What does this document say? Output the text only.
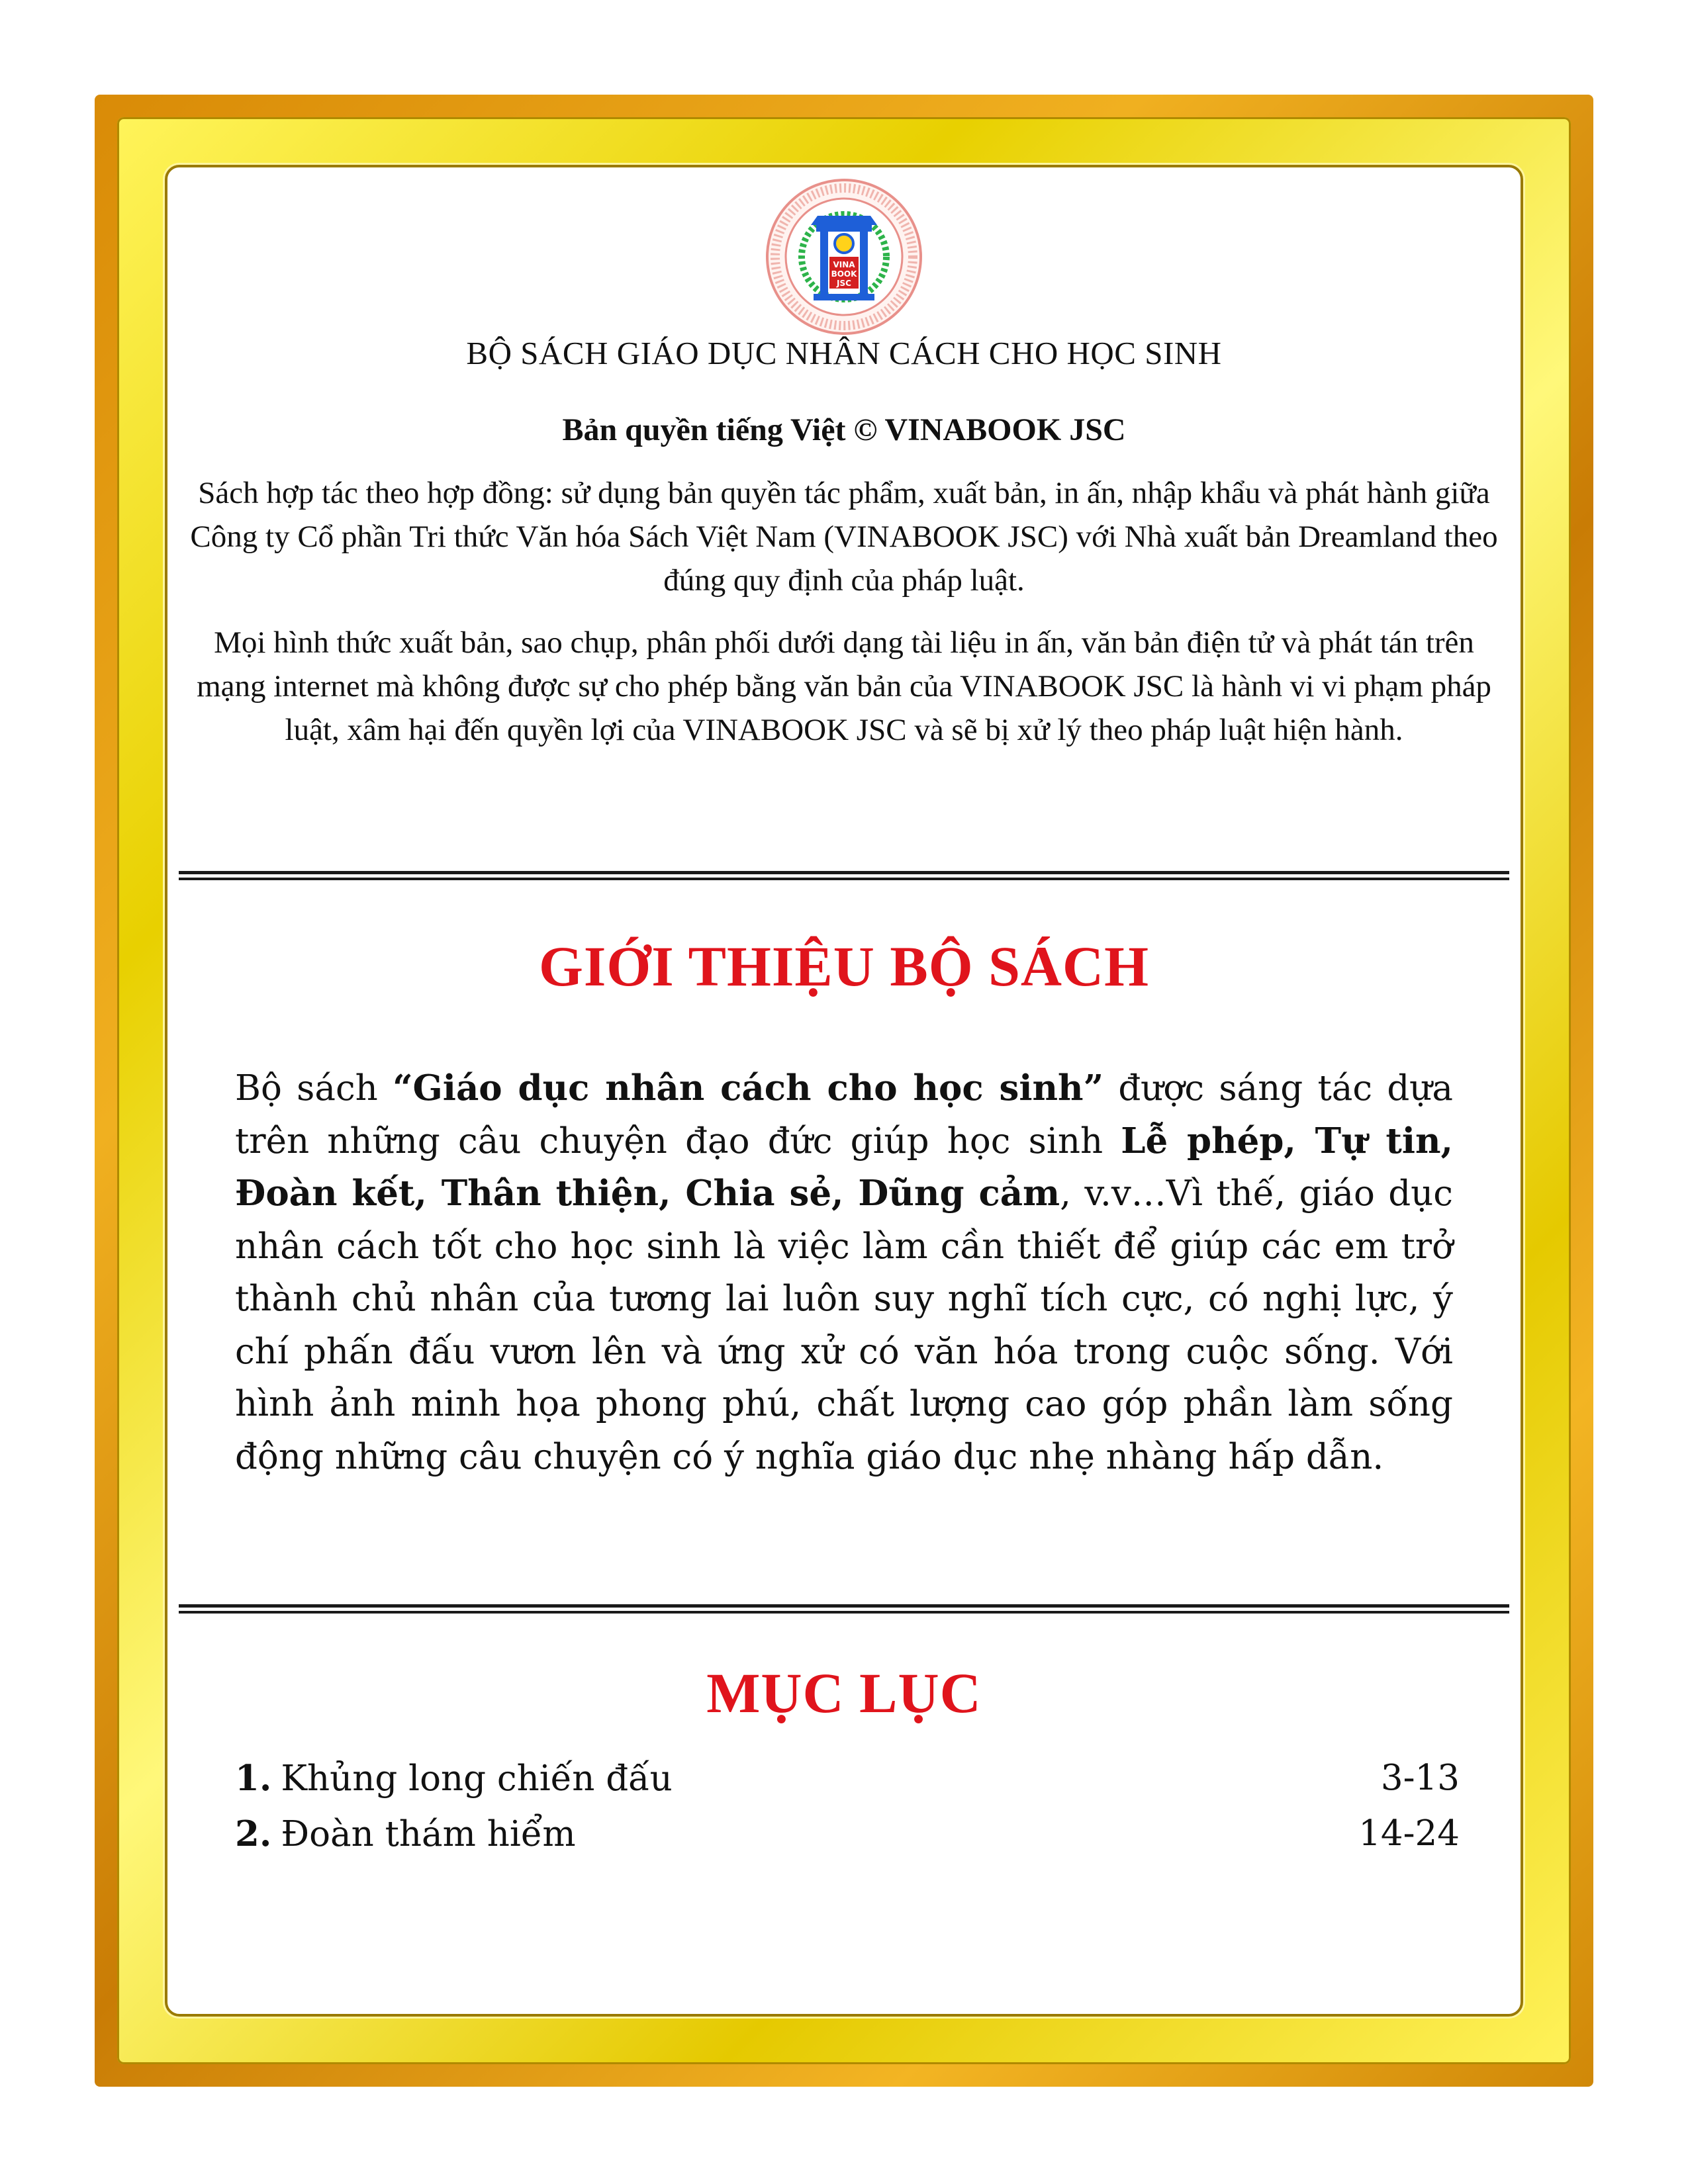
VINA
BOOK
JSC
BỘ SÁCH GIÁO DỤC NHÂN CÁCH CHO HỌC SINH
Bản quyền tiếng Việt © VINABOOK JSC
Sách hợp tác theo hợp đồng: sử dụng bản quyền tác phẩm, xuất bản, in ấn, nhập khẩu và phát hành giữa Công ty Cổ phần Tri thức Văn hóa Sách Việt Nam (VINABOOK JSC) với Nhà xuất bản Dreamland theo đúng quy định của pháp luật.
Mọi hình thức xuất bản, sao chụp, phân phối dưới dạng tài liệu in ấn, văn bản điện tử và phát tán trên mạng internet mà không được sự cho phép bằng văn bản của VINABOOK JSC là hành vi vi phạm pháp luật, xâm hại đến quyền lợi của VINABOOK JSC và sẽ bị xử lý theo pháp luật hiện hành.
GIỚI THIỆU BỘ SÁCH
Bộ sách “Giáo dục nhân cách cho học sinh” được sáng tác dựa trên những câu chuyện đạo đức giúp học sinh Lễ phép, Tự tin, Đoàn kết, Thân thiện, Chia sẻ, Dũng cảm, v.v…Vì thế, giáo dục nhân cách tốt cho học sinh là việc làm cần thiết để giúp các em trở thành chủ nhân của tương lai luôn suy nghĩ tích cực, có nghị lực, ý chí phấn đấu vươn lên và ứng xử có văn hóa trong cuộc sống. Với hình ảnh minh họa phong phú, chất lượng cao góp phần làm sống động những câu chuyện có ý nghĩa giáo dục nhẹ nhàng hấp dẫn.
MỤC LỤC
1. Khủng long chiến đấu	3-13
2. Đoàn thám hiểm	14-24
